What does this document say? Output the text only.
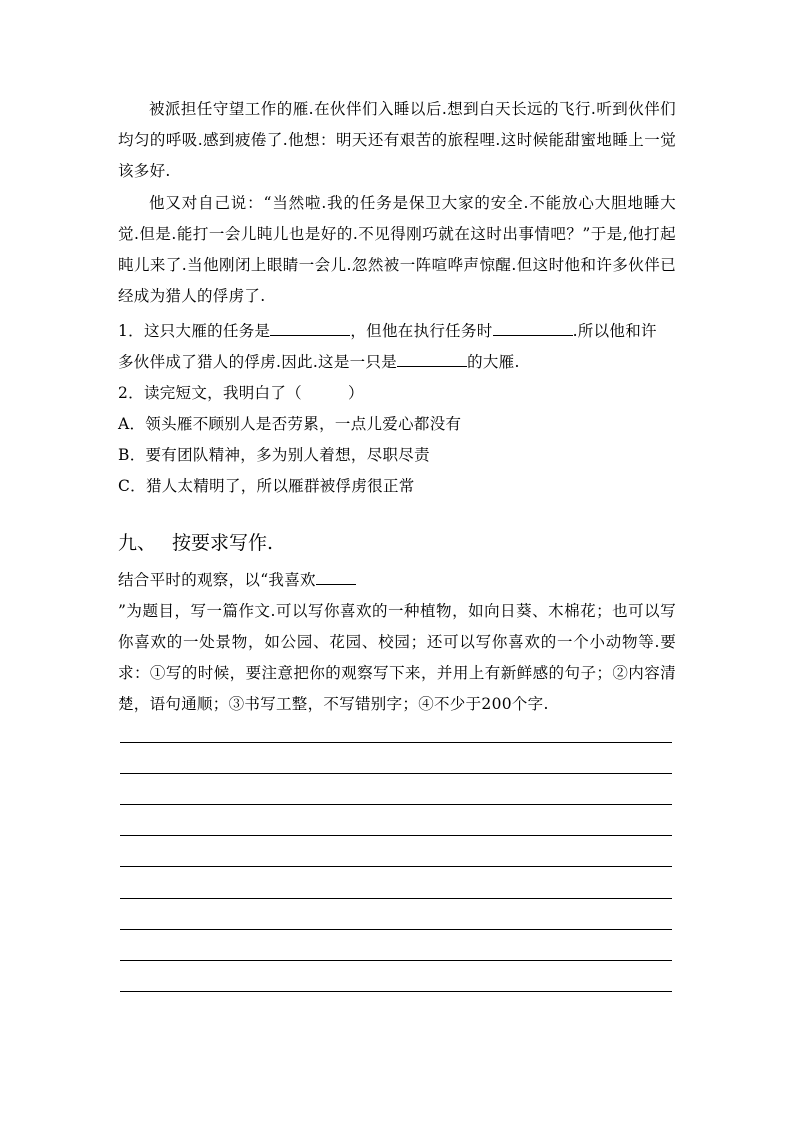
被派担任守望工作的雁.在伙伴们入睡以后.想到白天长远的飞行.听到伙伴们均匀的呼吸.感到疲倦了.他想：明天还有艰苦的旅程哩.这时候能甜蜜地睡上一觉该多好.

他又对自己说：“当然啦.我的任务是保卫大家的安全.不能放心大胆地睡大觉.但是.能打一会儿盹儿也是好的.不见得刚巧就在这时出事情吧？”于是,他打起盹儿来了.当他刚闭上眼睛一会儿.忽然被一阵喧哗声惊醒.但这时他和许多伙伴已经成为猎人的俘虏了.

1．这只大雁的任务是	，但他在执行任务时	.所以他和许
多伙伴成了猎人的俘虏.因此.这是一只是	的大雁.
2．读完短文，我明白了（	）
A．领头雁不顾别人是否劳累，一点儿爱心都没有
B．要有团队精神，多为别人着想，尽职尽责
C．猎人太精明了，所以雁群被俘虏很正常
九、 按要求写作.
结合平时的观察，以“我喜欢

”为题目，写一篇作文.可以写你喜欢的一种植物，如向日葵、木棉花；也可以写你喜欢的一处景物，如公园、花园、校园；还可以写你喜欢的一个小动物等.要求：①写的时候，要注意把你的观察写下来，并用上有新鲜感的句子；②内容清楚，语句通顺；③书写工整，不写错别字；④不少于200个字.
